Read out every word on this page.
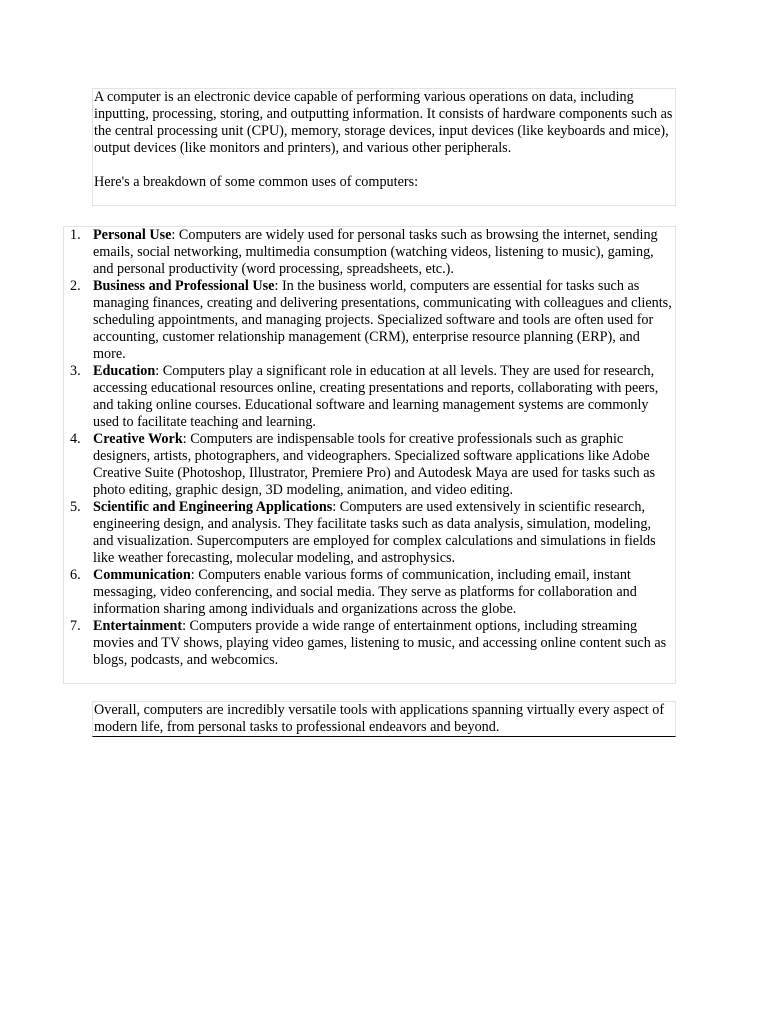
A computer is an electronic device capable of performing various operations on data, including inputting, processing, storing, and outputting information. It consists of hardware components such as the central processing unit (CPU), memory, storage devices, input devices (like keyboards and mice), output devices (like monitors and printers), and various other peripherals.

Here's a breakdown of some common uses of computers:

1. Personal Use: Computers are widely used for personal tasks such as browsing the internet, sending emails, social networking, multimedia consumption (watching videos, listening to music), gaming, and personal productivity (word processing, spreadsheets, etc.).
2. Business and Professional Use: In the business world, computers are essential for tasks such as managing finances, creating and delivering presentations, communicating with colleagues and clients, scheduling appointments, and managing projects. Specialized software and tools are often used for accounting, customer relationship management (CRM), enterprise resource planning (ERP), and more.
3. Education: Computers play a significant role in education at all levels. They are used for research, accessing educational resources online, creating presentations and reports, collaborating with peers, and taking online courses. Educational software and learning management systems are commonly used to facilitate teaching and learning.
4. Creative Work: Computers are indispensable tools for creative professionals such as graphic designers, artists, photographers, and videographers. Specialized software applications like Adobe Creative Suite (Photoshop, Illustrator, Premiere Pro) and Autodesk Maya are used for tasks such as photo editing, graphic design, 3D modeling, animation, and video editing.
5. Scientific and Engineering Applications: Computers are used extensively in scientific research, engineering design, and analysis. They facilitate tasks such as data analysis, simulation, modeling, and visualization. Supercomputers are employed for complex calculations and simulations in fields like weather forecasting, molecular modeling, and astrophysics.
6. Communication: Computers enable various forms of communication, including email, instant messaging, video conferencing, and social media. They serve as platforms for collaboration and information sharing among individuals and organizations across the globe.
7. Entertainment: Computers provide a wide range of entertainment options, including streaming movies and TV shows, playing video games, listening to music, and accessing online content such as blogs, podcasts, and webcomics.

Overall, computers are incredibly versatile tools with applications spanning virtually every aspect of modern life, from personal tasks to professional endeavors and beyond.
